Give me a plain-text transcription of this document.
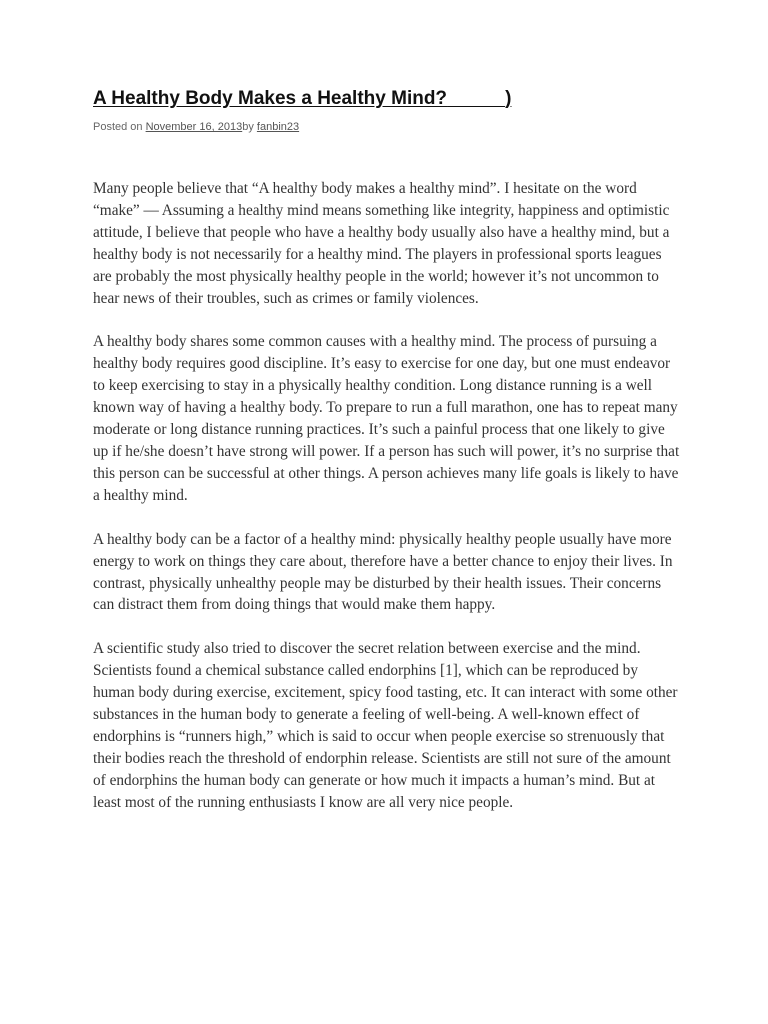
A Healthy Body Makes a Healthy Mind?	)
Posted on November 16, 2013by fanbin23

Many people believe that “A healthy body makes a healthy mind”. I hesitate on the word “make” — Assuming a healthy mind means something like integrity, happiness and optimistic attitude, I believe that people who have a healthy body usually also have a healthy mind, but a healthy body is not necessarily for a healthy mind. The players in professional sports leagues are probably the most physically healthy people in the world; however it’s not uncommon to hear news of their troubles, such as crimes or family violences.

A healthy body shares some common causes with a healthy mind. The process of pursuing a healthy body requires good discipline. It’s easy to exercise for one day, but one must endeavor to keep exercising to stay in a physically healthy condition. Long distance running is a well known way of having a healthy body. To prepare to run a full marathon, one has to repeat many moderate or long distance running practices. It’s such a painful process that one likely to give up if he/she doesn’t have strong will power. If a person has such will power, it’s no surprise that this person can be successful at other things. A person achieves many life goals is likely to have a healthy mind.

A healthy body can be a factor of a healthy mind: physically healthy people usually have more energy to work on things they care about, therefore have a better chance to enjoy their lives. In contrast, physically unhealthy people may be disturbed by their health issues. Their concerns can distract them from doing things that would make them happy.

A scientific study also tried to discover the secret relation between exercise and the mind. Scientists found a chemical substance called endorphins [1], which can be reproduced by human body during exercise, excitement, spicy food tasting, etc. It can interact with some other substances in the human body to generate a feeling of well-being. A well-known effect of endorphins is “runners high,” which is said to occur when people exercise so strenuously that their bodies reach the threshold of endorphin release. Scientists are still not sure of the amount of endorphins the human body can generate or how much it impacts a human’s mind. But at least most of the running enthusiasts I know are all very nice people.
